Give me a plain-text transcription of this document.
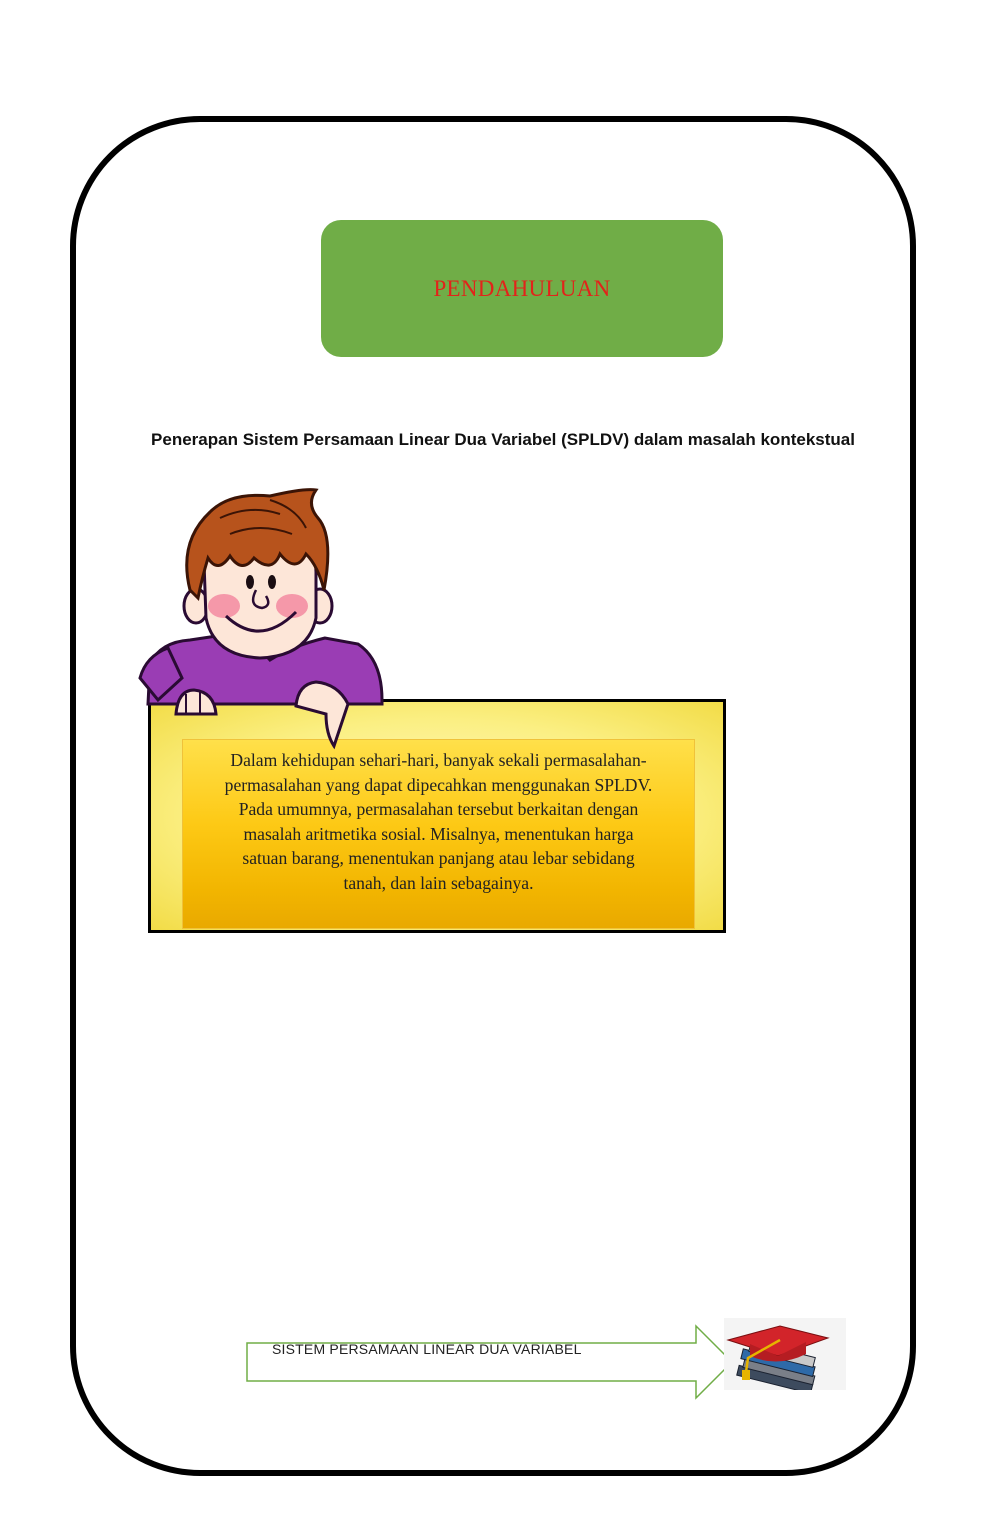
PENDAHULUAN
Penerapan Sistem Persamaan Linear Dua Variabel (SPLDV) dalam masalah kontekstual
Dalam kehidupan sehari-hari, banyak sekali permasalahan-
permasalahan yang dapat dipecahkan menggunakan SPLDV.
Pada umumnya, permasalahan tersebut berkaitan dengan
masalah aritmetika sosial. Misalnya, menentukan harga
satuan barang, menentukan panjang atau lebar sebidang
tanah, dan lain sebagainya.
SISTEM PERSAMAAN LINEAR DUA VARIABEL
